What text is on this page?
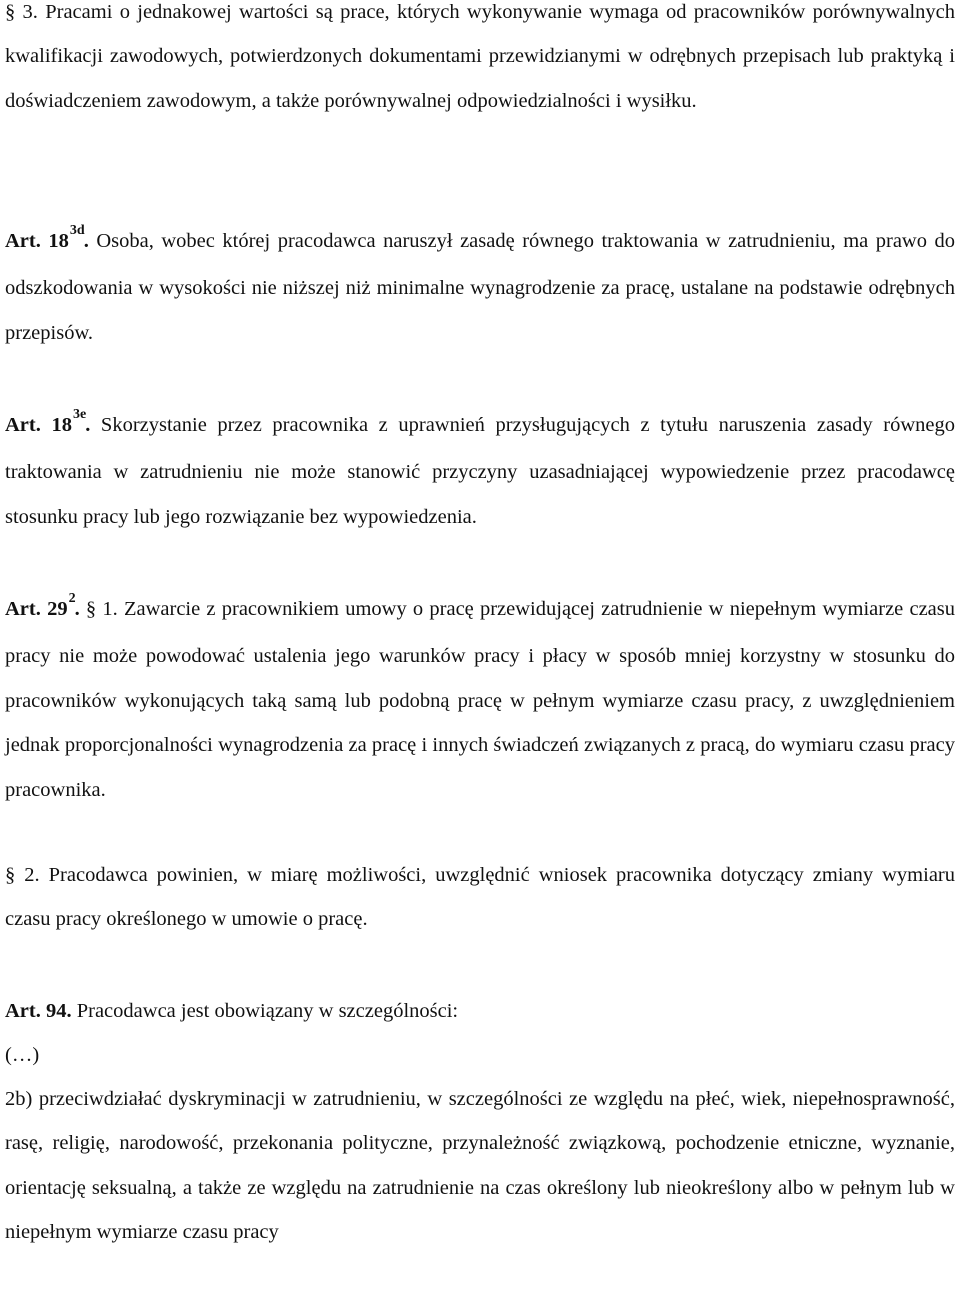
§ 3. Pracami o jednakowej wartości są prace, których wykonywanie wymaga od pracowników porównywalnych kwalifikacji zawodowych, potwierdzonych dokumentami przewidzianymi w odrębnych przepisach lub praktyką i doświadczeniem zawodowym, a także porównywalnej odpowiedzialności i wysiłku.

Art. $18^{3d}$. Osoba, wobec której pracodawca naruszył zasadę równego traktowania w zatrudnieniu, ma prawo do odszkodowania w wysokości nie niższej niż minimalne wynagrodzenie za pracę, ustalane na podstawie odrębnych przepisów.

Art. $18^{3e}$. Skorzystanie przez pracownika z uprawnień przysługujących z tytułu naruszenia zasady równego traktowania w zatrudnieniu nie może stanowić przyczyny uzasadniającej wypowiedzenie przez pracodawcę stosunku pracy lub jego rozwiązanie bez wypowiedzenia.

Art. $29^2$. § 1. Zawarcie z pracownikiem umowy o pracę przewidującej zatrudnienie w niepełnym wymiarze czasu pracy nie może powodować ustalenia jego warunków pracy i płacy w sposób mniej korzystny w stosunku do pracowników wykonujących taką samą lub podobną pracę w pełnym wymiarze czasu pracy, z uwzględnieniem jednak proporcjonalności wynagrodzenia za pracę i innych świadczeń związanych z pracą, do wymiaru czasu pracy pracownika.

§ 2. Pracodawca powinien, w miarę możliwości, uwzględnić wniosek pracownika dotyczący zmiany wymiaru czasu pracy określonego w umowie o pracę.

Art. 94. Pracodawca jest obowiązany w szczególności:

(…)

2b) przeciwdziałać dyskryminacji w zatrudnieniu, w szczególności ze względu na płeć, wiek, niepełnosprawność, rasę, religię, narodowość, przekonania polityczne, przynależność związkową, pochodzenie etniczne, wyznanie, orientację seksualną, a także ze względu na zatrudnienie na czas określony lub nieokreślony albo w pełnym lub w niepełnym wymiarze czasu pracy
